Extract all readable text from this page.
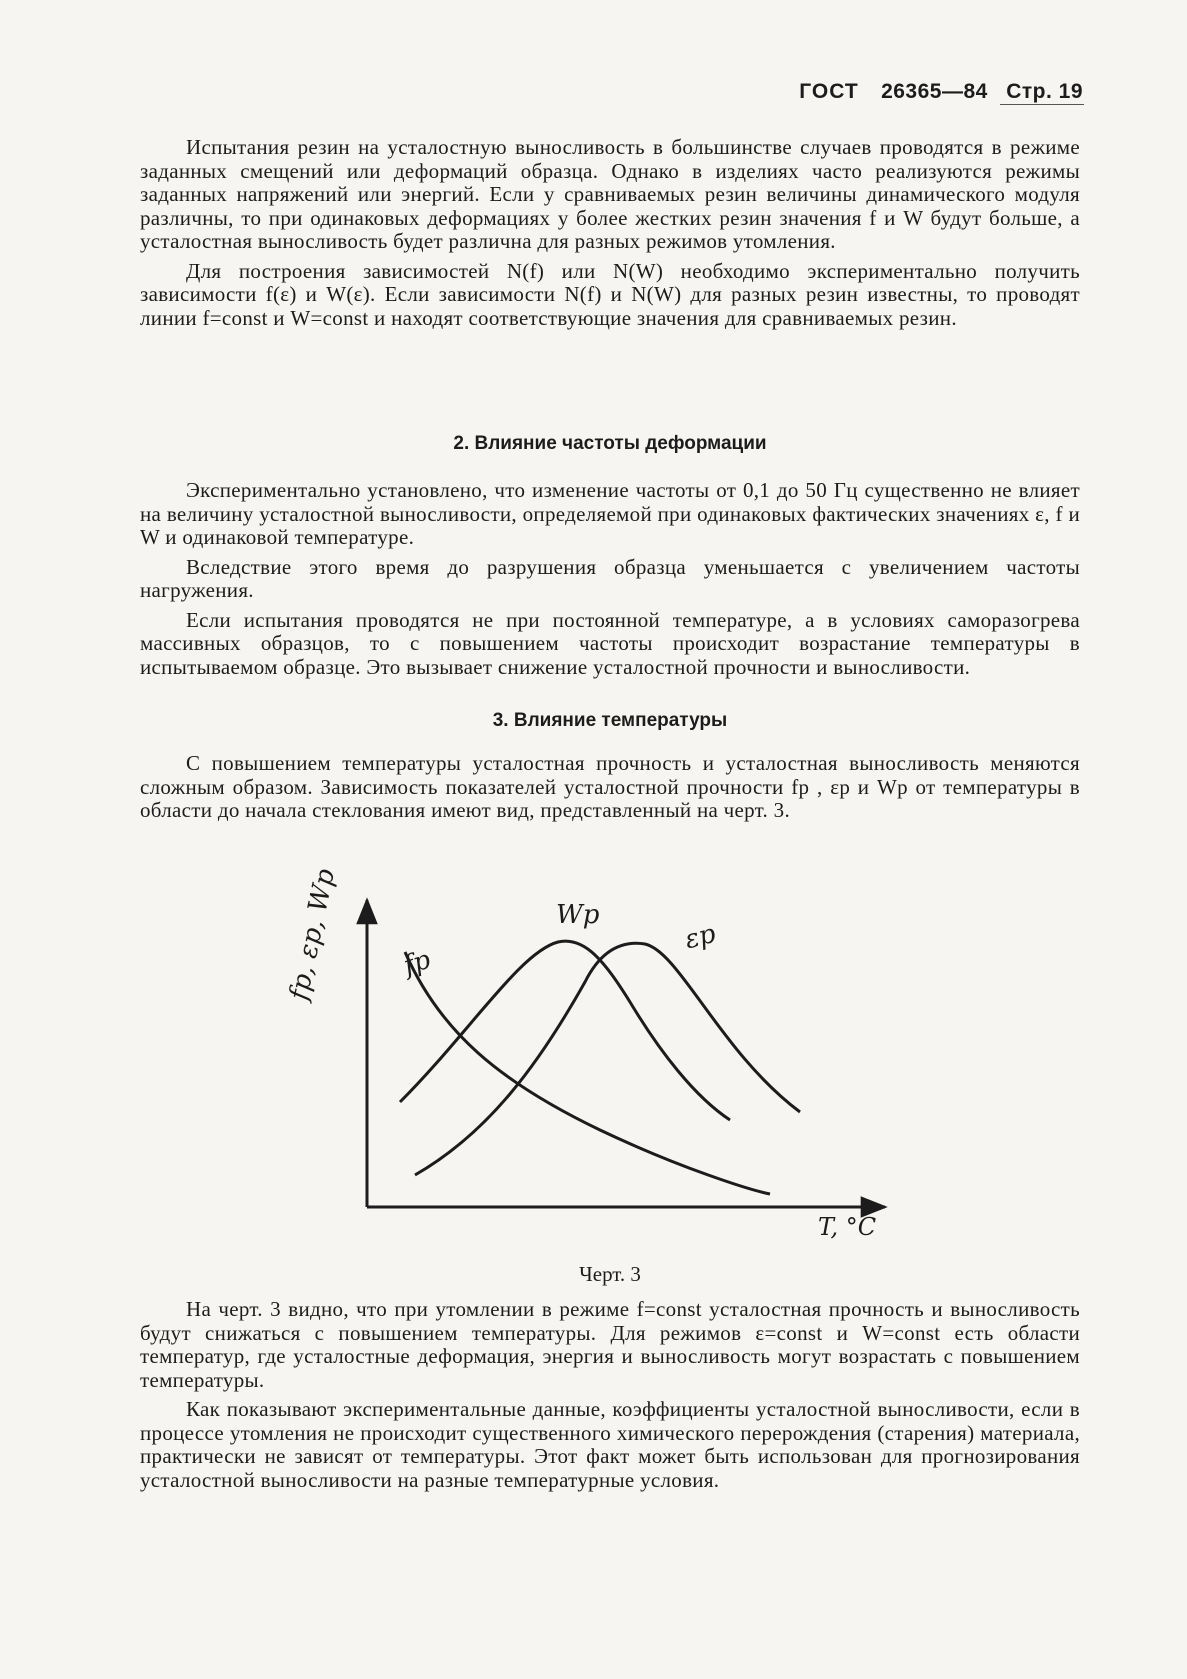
ГОСТ 26365—84 Стр. 19

Испытания резин на усталостную выносливость в большинстве случаев проводятся в режиме заданных смещений или деформаций образца. Однако в изделиях часто реализуются режимы заданных напряжений или энергий. Если у сравниваемых резин величины динамического модуля различны, то при одинаковых деформациях у более жестких резин значения f и W будут больше, а усталостная выносливость будет различна для разных режимов утомления.

Для построения зависимостей N(f) или N(W) необходимо экспериментально получить зависимости f(ε) и W(ε). Если зависимости N(f) и N(W) для разных резин известны, то проводят линии f=const и W=const и находят соответствующие значения для сравниваемых резин.

2. Влияние частоты деформации

Экспериментально установлено, что изменение частоты от 0,1 до 50 Гц существенно не влияет на величину усталостной выносливости, определяемой при одинаковых фактических значениях ε, f и W и одинаковой температуре.

Вследствие этого время до разрушения образца уменьшается с увеличением частоты нагружения.

Если испытания проводятся не при постоянной температуре, а в условиях саморазогрева массивных образцов, то с повышением частоты происходит возрастание температуры в испытываемом образце. Это вызывает снижение усталостной прочности и выносливости.

3. Влияние температуры

С повышением температуры усталостная прочность и усталостная выносливость меняются сложным образом. Зависимость показателей усталостной прочности fp , εp и Wp от температуры в области до начала стеклования имеют вид, представленный на черт. 3.

fp, εp, Wp fp
Wp
εp
T, °C
Черт. 3

На черт. 3 видно, что при утомлении в режиме f=const усталостная прочность и выносливость будут снижаться с повышением температуры. Для режимов ε=const и W=const есть области температур, где усталостные деформация, энергия и выносливость могут возрастать с повышением температуры.

Как показывают экспериментальные данные, коэффициенты усталостной выносливости, если в процессе утомления не происходит существенного химического перерождения (старения) материала, практически не зависят от температуры. Этот факт может быть использован для прогнозирования усталостной выносливости на разные температурные условия.
